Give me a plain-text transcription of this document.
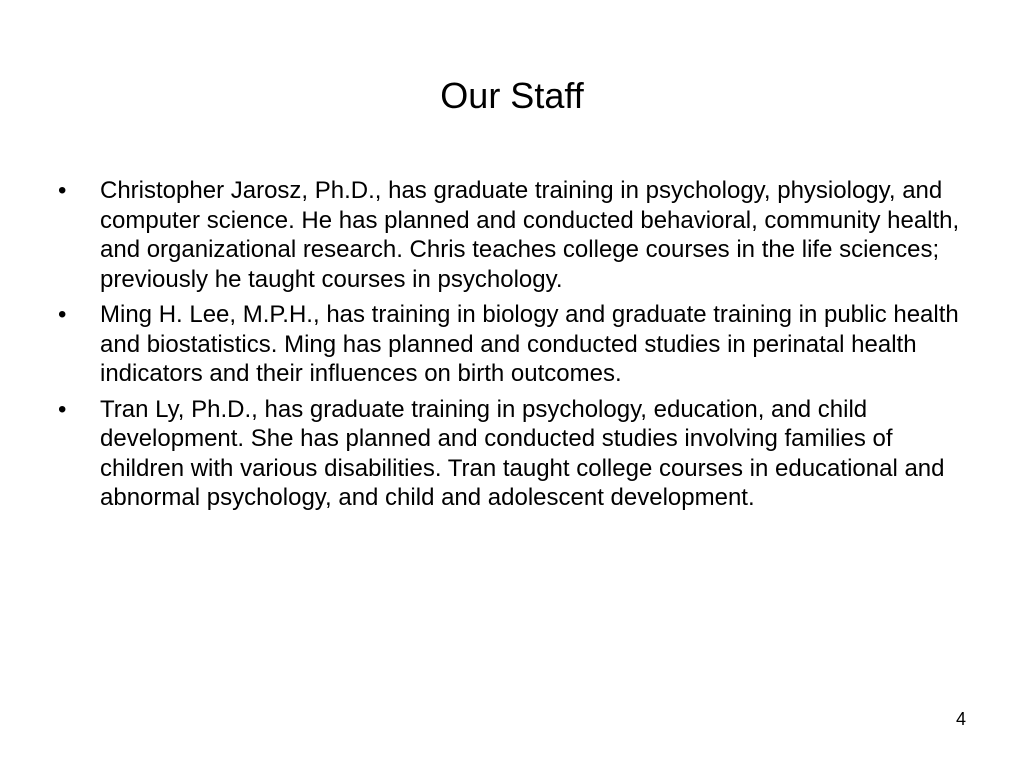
Our Staff
•	Christopher Jarosz, Ph.D., has graduate training in psychology, physiology, and computer science. He has planned and conducted behavioral, community health, and organizational research. Chris teaches college courses in the life sciences; previously he taught courses in psychology.
•	Ming H. Lee, M.P.H., has training in biology and graduate training in public health and biostatistics. Ming has planned and conducted studies in perinatal health indicators and their influences on birth outcomes.
•	Tran Ly, Ph.D., has graduate training in psychology, education, and child development. She has planned and conducted studies involving families of children with various disabilities. Tran taught college courses in educational and abnormal psychology, and child and adolescent development.
4
